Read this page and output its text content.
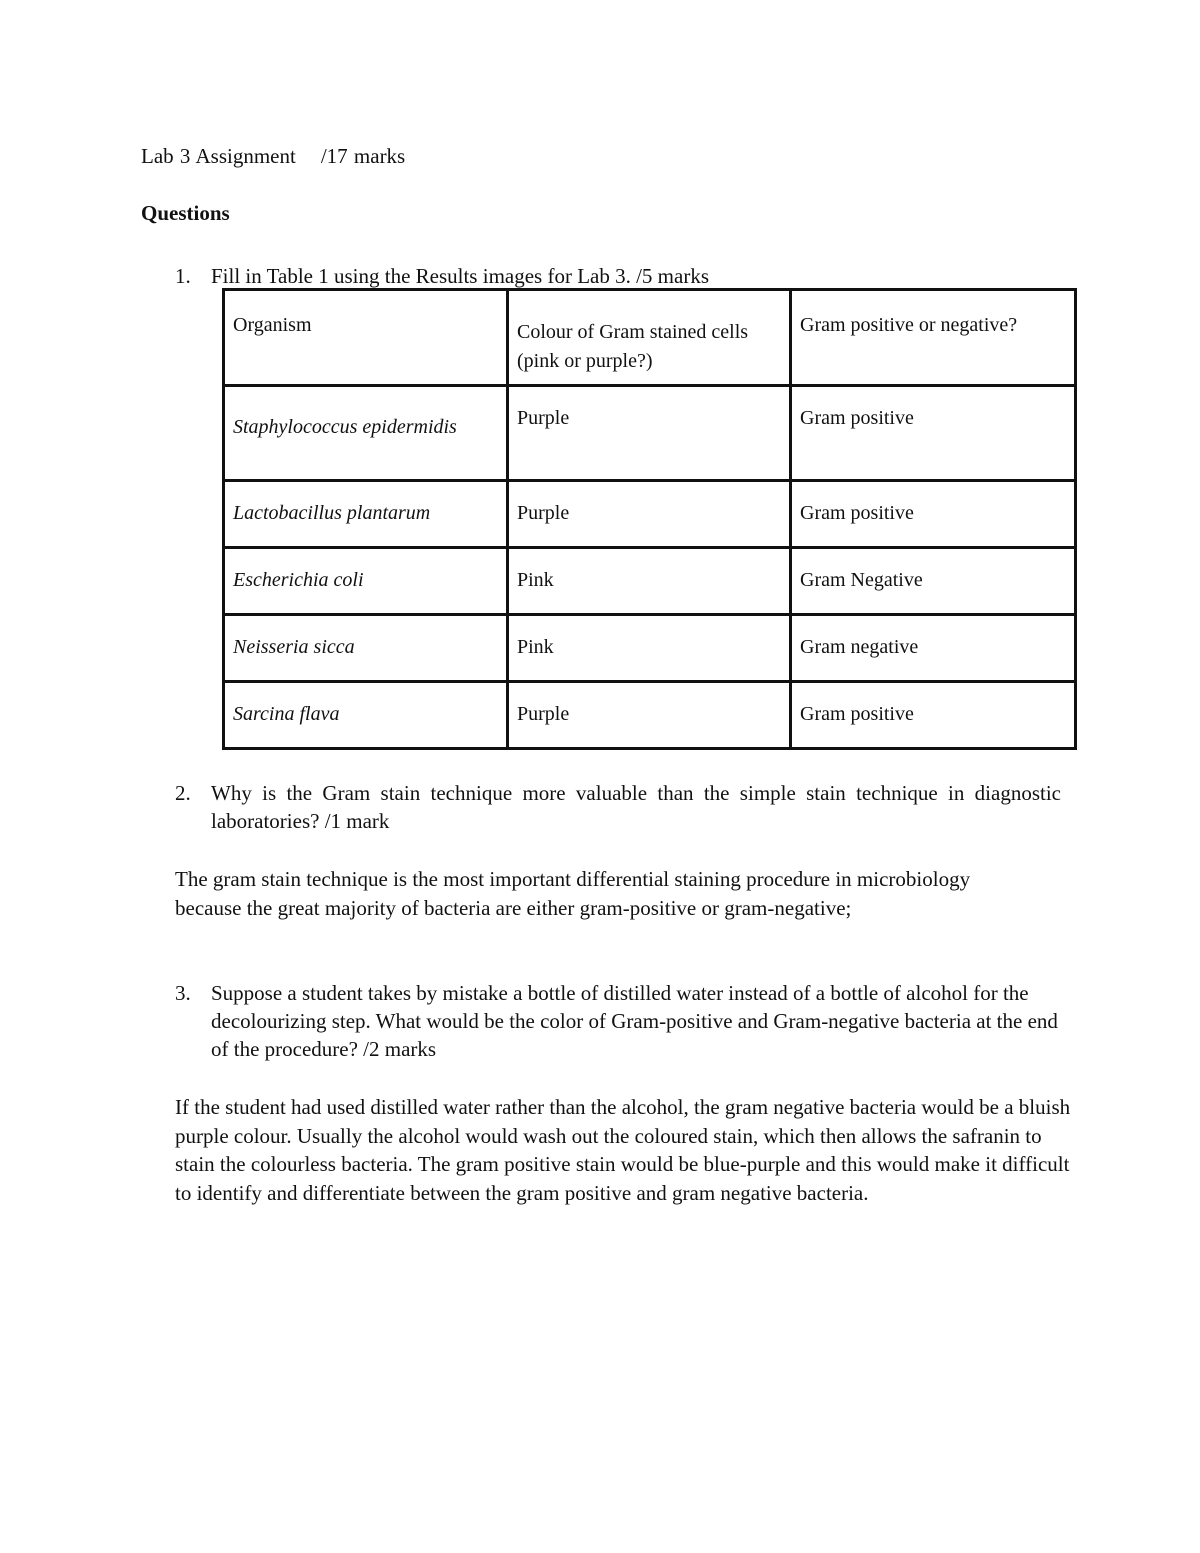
Lab 3 Assignment    /17 marks

Questions

1. Fill in Table 1 using the Results images for Lab 3. /5 marks
Organism	Colour of Gram stained cells (pink or purple?)	Gram positive or negative?

Staphylococcus epidermidis	Purple	Gram positive

Lactobacillus plantarum	Purple	Gram positive

Escherichia coli	Pink	Gram Negative

Neisseria sicca	Pink	Gram negative

Sarcina flava	Purple	Gram positive
2. Why is the Gram stain technique more valuable than the simple stain technique in diagnostic laboratories? /1 mark

The gram stain technique is the most important differential staining procedure in microbiology because the great majority of bacteria are either gram-positive or gram-negative;

3. Suppose a student takes by mistake a bottle of distilled water instead of a bottle of alcohol for the decolourizing step. What would be the color of Gram-positive and Gram-negative bacteria at the end of the procedure? /2 marks

If the student had used distilled water rather than the alcohol, the gram negative bacteria would be a bluish purple colour. Usually the alcohol would wash out the coloured stain, which then allows the safranin to stain the colourless bacteria. The gram positive stain would be blue-purple and this would make it difficult to identify and differentiate between the gram positive and gram negative bacteria.
